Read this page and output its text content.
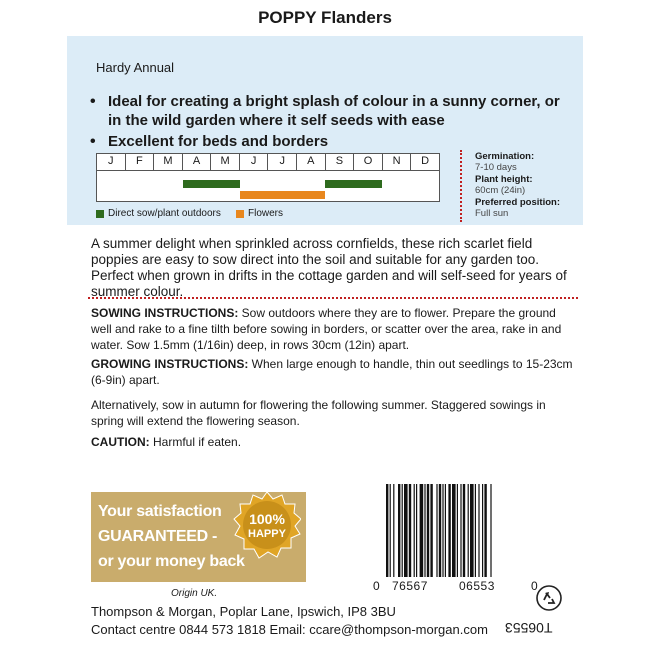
POPPY Flanders
Hardy Annual
• Ideal for creating a bright splash of colour in a sunny corner, or in the wild garden where it self seeds with ease
• Excellent for beds and borders
J	F	M	A	M	J	J	A	S	O	N	D
Direct sow/plant outdoors	Flowers
Germination:
7-10 days
Plant height:
60cm (24in)
Preferred position:
Full sun
A summer delight when sprinkled across cornfields, these rich scarlet field poppies are easy to sow direct into the soil and suitable for any garden too. Perfect when grown in drifts in the cottage garden and will self-seed for years of summer colour.
SOWING INSTRUCTIONS: Sow outdoors where they are to flower. Prepare the ground well and rake to a fine tilth before sowing in borders, or scatter over the area, rake in and water. Sow 1.5mm (1/16in) deep, in rows 30cm (12in) apart.
GROWING INSTRUCTIONS: When large enough to handle, thin out seedlings to 15-23cm (6-9in) apart.
Alternatively, sow in autumn for flowering the following summer. Staggered sowings in spring will extend the flowering season.
CAUTION: Harmful if eaten.
Your satisfaction
GUARANTEED -
or your money back
100%
HAPPY
Origin UK.
Thompson & Morgan, Poplar Lane, Ipswich, IP8 3BU
Contact centre 0844 573 1818 Email: ccare@thompson-morgan.com
0 76567	06553	0
T06553
